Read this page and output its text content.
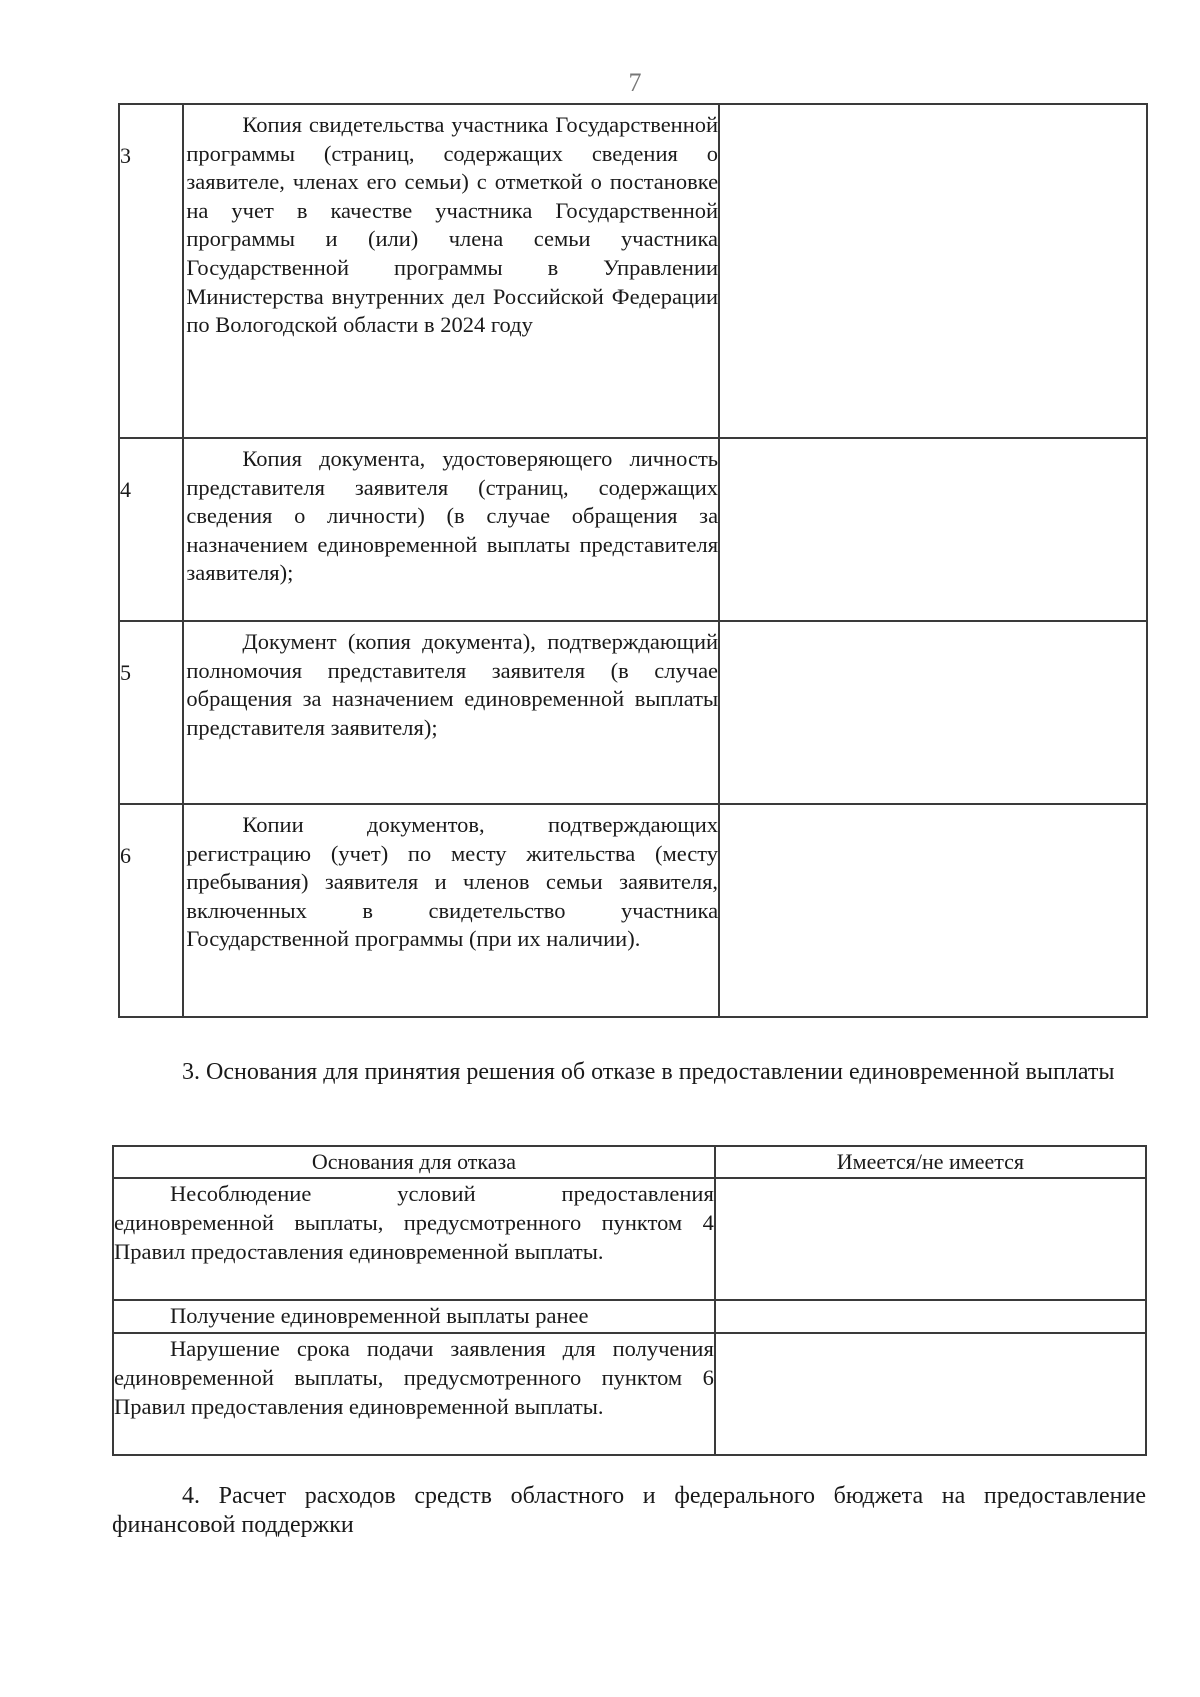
7
3	Копия свидетельства участника Государственной программы (страниц, содержащих сведения о заявителе, членах его семьи) с отметкой о постановке на учет в качестве участника Государственной программы и (или) члена семьи участника Государственной программы в Управлении Министерства внутренних дел Российской Федерации по Вологодской области в 2024 году	
4	Копия документа, удостоверяющего личность представителя заявителя (страниц, содержащих сведения о личности) (в случае обращения за назначением единовременной выплаты представителя заявителя);	
5	Документ (копия документа), подтверждающий полномочия представителя заявителя (в случае обращения за назначением единовременной выплаты представителя заявителя);	
6	Копии документов, подтверждающих регистрацию (учет) по месту жительства (месту пребывания) заявителя и членов семьи заявителя, включенных в свидетельство участника Государственной программы (при их наличии).	
3. Основания для принятия решения об отказе в предоставлении единовременной выплаты
Основания для отказа	Имеется/не имеется
Несоблюдение условий предоставления единовременной выплаты, предусмотренного пунктом 4 Правил предоставления единовременной выплаты.	
Получение единовременной выплаты ранее	
Нарушение срока подачи заявления для получения единовременной выплаты, предусмотренного пунктом 6 Правил предоставления единовременной выплаты.	
4. Расчет расходов средств областного и федерального бюджета на предоставление финансовой поддержки
